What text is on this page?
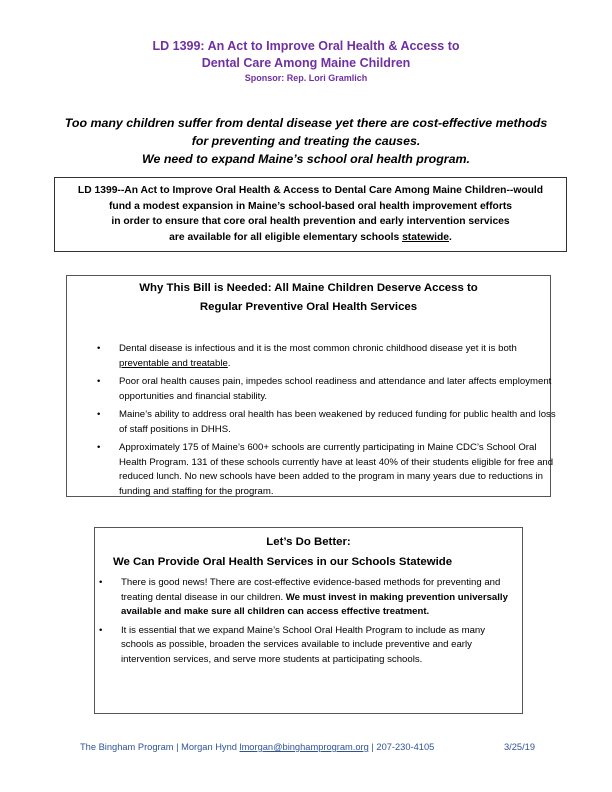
LD 1399: An Act to Improve Oral Health & Access to
Dental Care Among Maine Children
Sponsor: Rep. Lori Gramlich
Too many children suffer from dental disease yet there are cost-effective methods
for preventing and treating the causes.
We need to expand Maine’s school oral health program.
LD 1399--An Act to Improve Oral Health & Access to Dental Care Among Maine Children--would
fund a modest expansion in Maine’s school-based oral health improvement efforts
in order to ensure that core oral health prevention and early intervention services
are available for all eligible elementary schools statewide.
Why This Bill is Needed: All Maine Children Deserve Access to
Regular Preventive Oral Health Services
• Dental disease is infectious and it is the most common chronic childhood disease yet it is both preventable and treatable.
• Poor oral health causes pain, impedes school readiness and attendance and later affects employment opportunities and financial stability.
• Maine’s ability to address oral health has been weakened by reduced funding for public health and loss of staff positions in DHHS.
• Approximately 175 of Maine’s 600+ schools are currently participating in Maine CDC’s School Oral Health Program. 131 of these schools currently have at least 40% of their students eligible for free and reduced lunch. No new schools have been added to the program in many years due to reductions in funding and staffing for the program.
Let’s Do Better:
We Can Provide Oral Health Services in our Schools Statewide
• There is good news! There are cost-effective evidence-based methods for preventing and treating dental disease in our children. We must invest in making prevention universally available and make sure all children can access effective treatment.
• It is essential that we expand Maine’s School Oral Health Program to include as many schools as possible, broaden the services available to include preventive and early intervention services, and serve more students at participating schools.
The Bingham Program | Morgan Hynd lmorgan@binghamprogram.org | 207-230-4105	3/25/19
